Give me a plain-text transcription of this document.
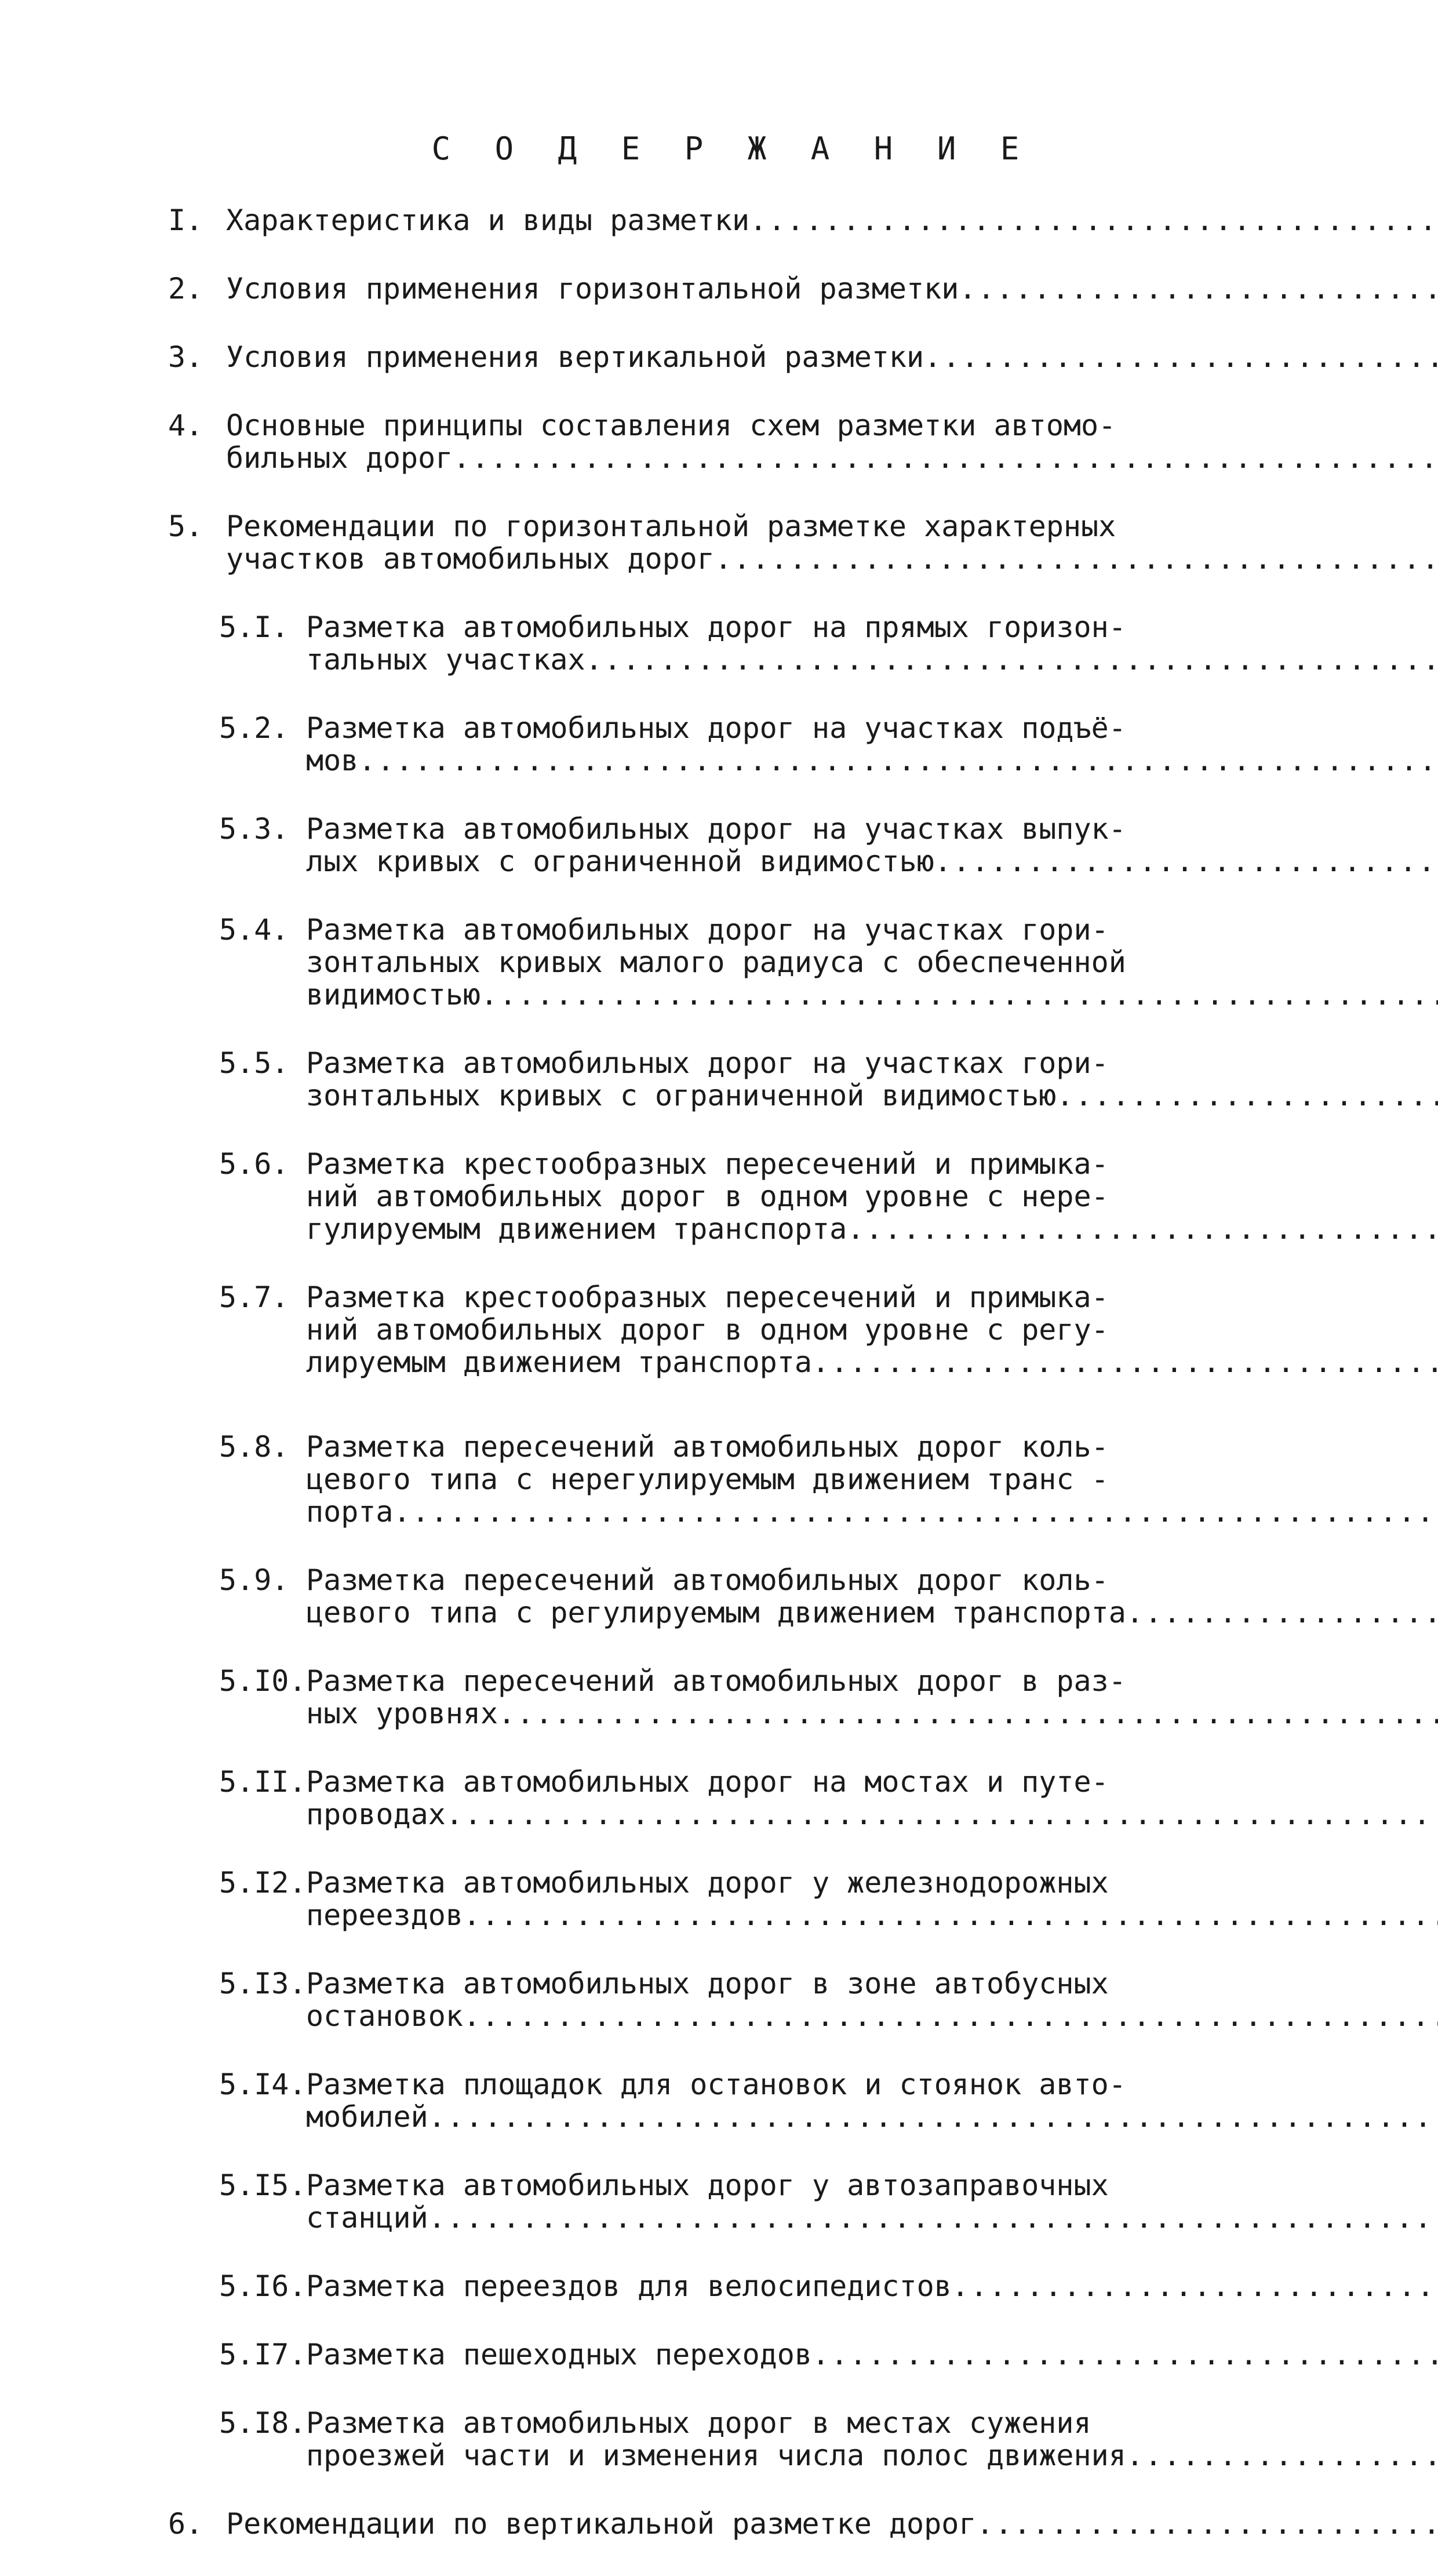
С О Д Е Р Ж А Н И Е
I. Характеристика и виды разметки
.....
2. Условия применения горизонтальной разметки
.....
3. Условия применения вертикальной разметки
.....
4. Основные принципы составления схем разметки автомо-
бильных дорог
.....
5. Рекомендации по горизонтальной разметке характерных
участков автомобильных дорог
.....
5.I. Разметка автомобильных дорог на прямых горизон-
тальных участках
.....
5.2. Разметка автомобильных дорог на участках подъё-
мов
.....
5.3. Разметка автомобильных дорог на участках выпук-
лых кривых с ограниченной видимостью
.....
5.4. Разметка автомобильных дорог на участках гори-
зонтальных кривых малого радиуса с обеспеченной
видимостью
.....
5.5. Разметка автомобильных дорог на участках гори-
зонтальных кривых с ограниченной видимостью
.....
5.6. Разметка крестообразных пересечений и примыка-
ний автомобильных дорог в одном уровне с нере-
гулируемым движением транспорта
.....
5.7. Разметка крестообразных пересечений и примыка-
ний автомобильных дорог в одном уровне с регу-
лируемым движением транспорта
.....
5.8. Разметка пересечений автомобильных дорог коль-
цевого типа с нерегулируемым движением транс -
порта
.....
5.9. Разметка пересечений автомобильных дорог коль-
цевого типа с регулируемым движением транспорта
.....
5.I0. Разметка пересечений автомобильных дорог в раз-
ных уровнях
.....
5.II. Разметка автомобильных дорог на мостах и путе-
проводах
.....
5.I2. Разметка автомобильных дорог у железнодорожных
переездов
.....
5.I3. Разметка автомобильных дорог в зоне автобусных
остановок
.....
5.I4. Разметка площадок для остановок и стоянок авто-
мобилей
.....
5.I5. Разметка автомобильных дорог у автозаправочных
станций
.....
5.I6. Разметка переездов для велосипедистов
.....
5.I7. Разметка пешеходных переходов
.....
5.I8. Разметка автомобильных дорог в местах сужения
проезжей части и изменения числа полос движения
.....
6. Рекомендации по вертикальной разметке дорог
.....
